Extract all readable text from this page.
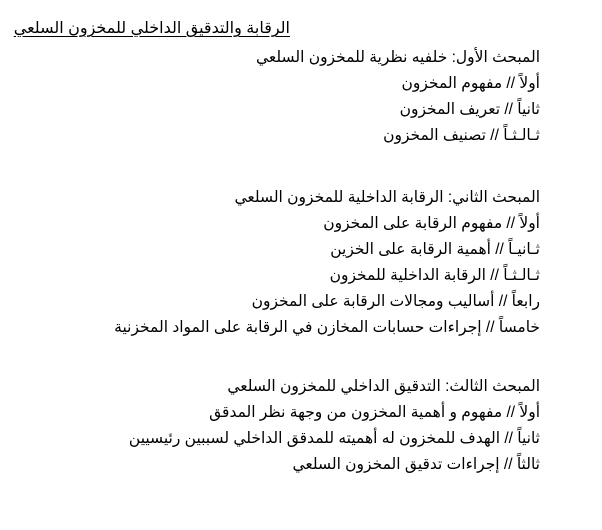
الرقابة والتدقيق الداخلي للمخزون السلعي
المبحث الأول: خلفيه نظرية للمخزون السلعي
أولاً // مفهوم المخزون
ثانياً // تعريف المخزون
ثـالـثـاً // تصنيف المخزون
المبحث الثاني: الرقابة الداخلية للمخزون السلعي
أولاً // مفهوم الرقابة على المخزون
ثـانيـاً // أهمية الرقابة على الخزين
ثـالـثـاً // الرقابة الداخلية للمخزون
رابعاً // أساليب ومجالات الرقابة على المخزون
خامساً // إجراءات حسابات المخازن في الرقابة على المواد المخزنية
المبحث الثالث: التدقيق الداخلي للمخزون السلعي
أولاً // مفهوم و أهمية المخزون من وجهة نظر المدقق
ثانياً // الهدف للمخزون له أهميته للمدقق الداخلي لسببين رئيسيين
ثالثاً // إجراءات تدقيق المخزون السلعي
